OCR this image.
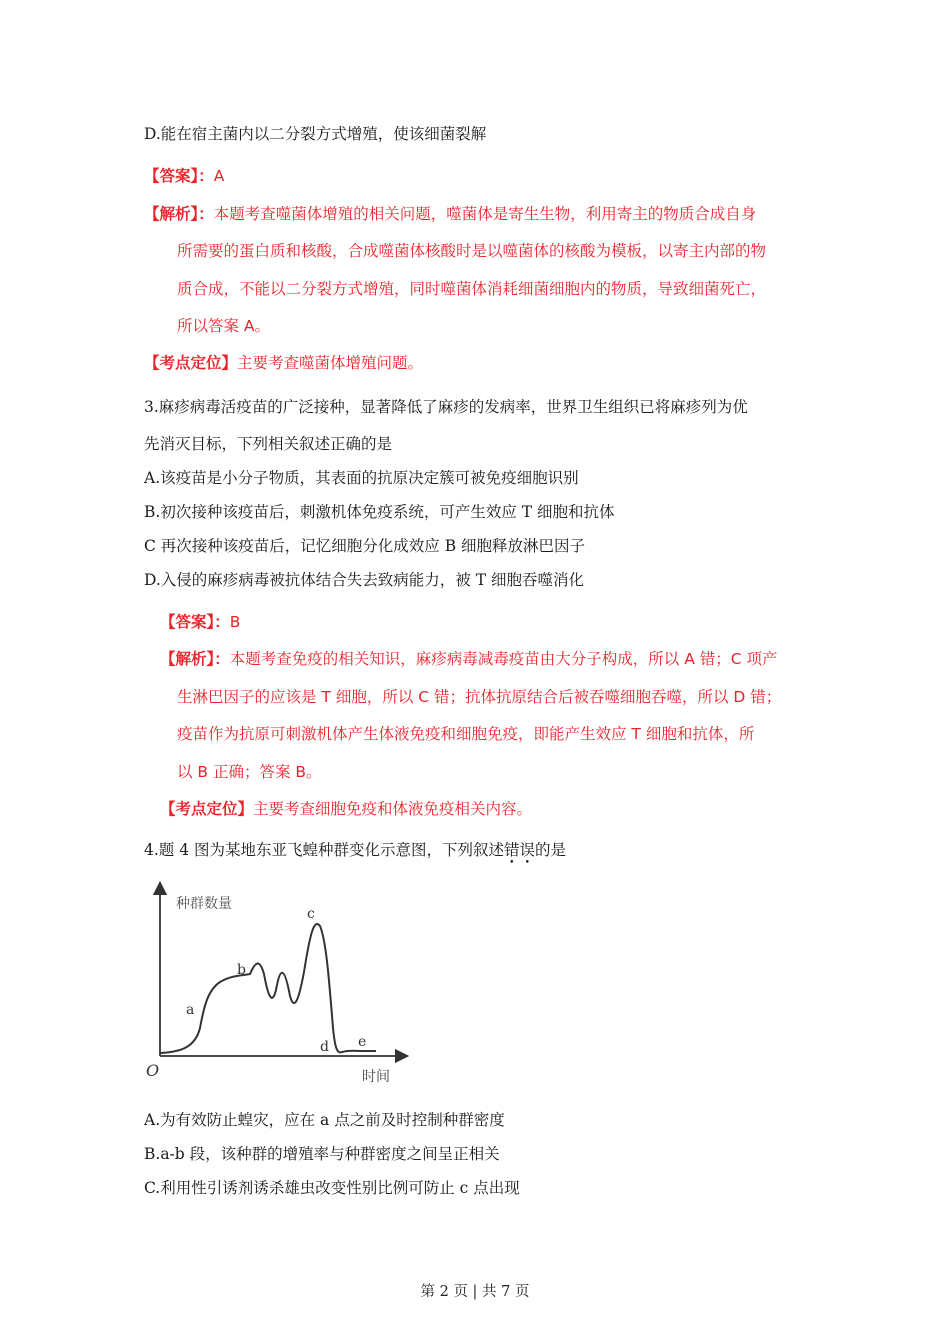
D.能在宿主菌内以二分裂方式增殖，使该细菌裂解
【答案】：A
【解析】：本题考查噬菌体增殖的相关问题，噬菌体是寄生生物，利用寄主的物质合成自身
所需要的蛋白质和核酸，合成噬菌体核酸时是以噬菌体的核酸为模板，以寄主内部的物
质合成，不能以二分裂方式增殖，同时噬菌体消耗细菌细胞内的物质，导致细菌死亡，
所以答案 A。
【考点定位】主要考查噬菌体增殖问题。
3.麻疹病毒活疫苗的广泛接种，显著降低了麻疹的发病率，世界卫生组织已将麻疹列为优
先消灭目标，下列相关叙述正确的是
A.该疫苗是小分子物质，其表面的抗原决定簇可被免疫细胞识别
B.初次接种该疫苗后，刺激机体免疫系统，可产生效应 T 细胞和抗体
C 再次接种该疫苗后，记忆细胞分化成效应 B 细胞释放淋巴因子
D.入侵的麻疹病毒被抗体结合失去致病能力，被 T 细胞吞噬消化
【答案】：B
【解析】：本题考查免疫的相关知识，麻疹病毒减毒疫苗由大分子构成，所以 A 错；C 项产
生淋巴因子的应该是 T 细胞，所以 C 错；抗体抗原结合后被吞噬细胞吞噬，所以 D 错；
疫苗作为抗原可刺激机体产生体液免疫和细胞免疫，即能产生效应 T 细胞和抗体，所
以 B 正确；答案 B。
【考点定位】主要考查细胞免疫和体液免疫相关内容。
4.题 4 图为某地东亚飞蝗种群变化示意图，下列叙述错误的是
种群数量
时间
O
a
b
c
d e
A.为有效防止蝗灾，应在 a 点之前及时控制种群密度
B.a-b 段，该种群的增殖率与种群密度之间呈正相关
C.利用性引诱剂诱杀雄虫改变性别比例可防止 c 点出现
第 2 页 | 共 7 页
